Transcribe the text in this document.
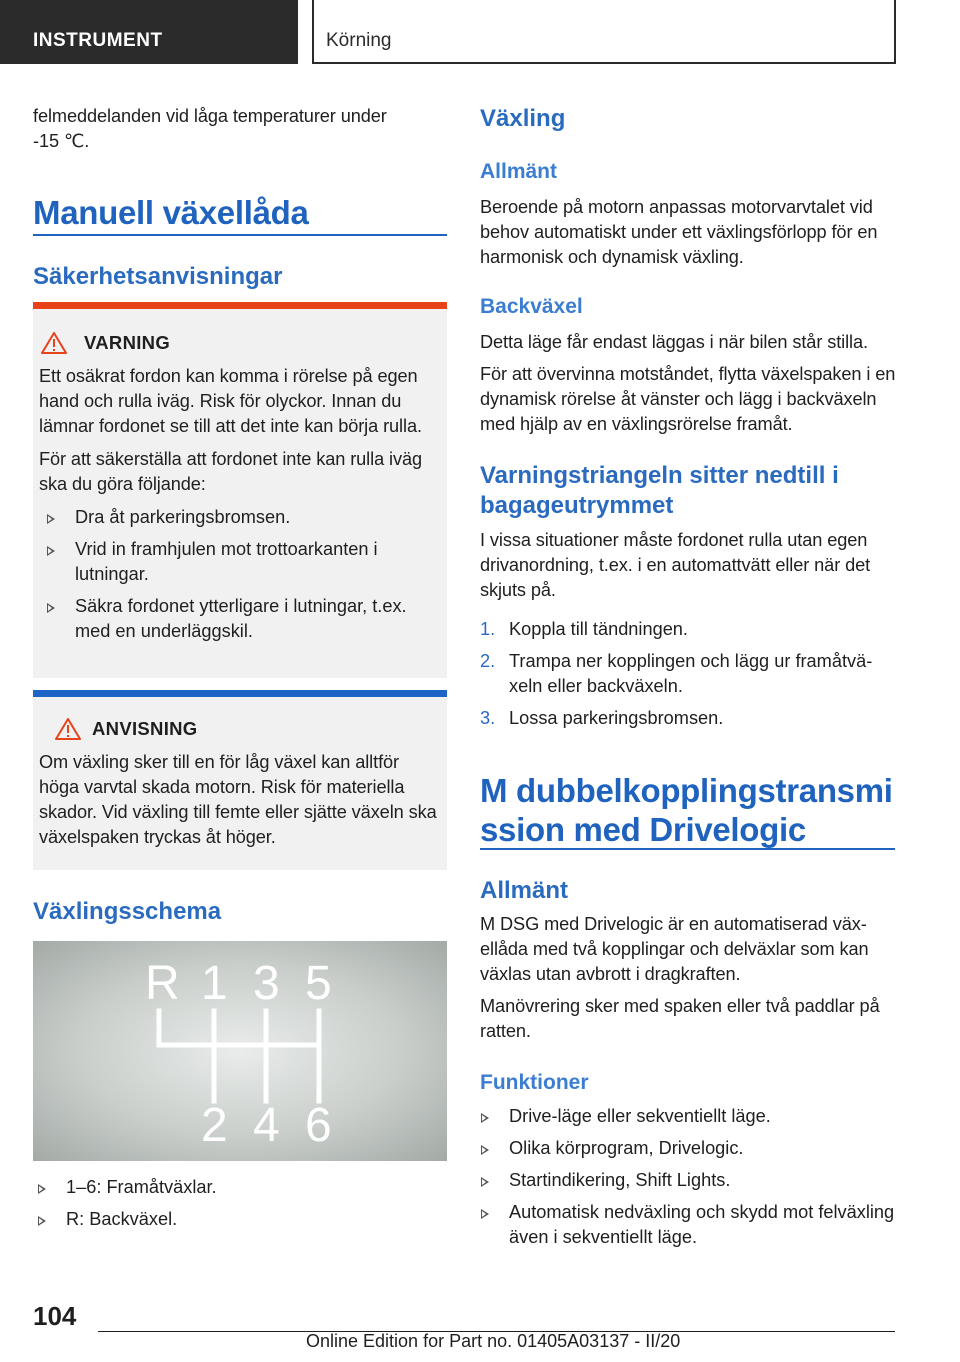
INSTRUMENT	Körning

felmeddelanden vid låga temperaturer under
-15 ℃.

Manuell växellåda
Säkerhetsanvisningar
VARNING

Ett osäkrat fordon kan komma i rörelse på egen hand och rulla iväg. Risk för olyckor. Innan du lämnar fordonet se till att det inte kan börja rulla.

För att säkerställa att fordonet inte kan rulla iväg ska du göra följande:

Dra åt parkeringsbromsen.
Vrid in framhjulen mot trottoarkanten i lutningar.
Säkra fordonet ytterligare i lutningar, t.ex. med en underläggskil.
ANVISNING

Om växling sker till en för låg växel kan alltför höga varvtal skada motorn. Risk för materiella skador. Vid växling till femte eller sjätte växeln ska växelspaken tryckas åt höger.

Växlingsschema
R 1 3 5
2 4 6
1–6: Framåtväxlar.
R: Backväxel.
Växling
Allmänt

Beroende på motorn anpassas motorvarvtalet vid behov automatiskt under ett växlingsförlopp för en harmonisk och dynamisk växling.

Backväxel

Detta läge får endast läggas i när bilen står stilla.

För att övervinna motståndet, flytta växelspaken i en dynamisk rörelse åt vänster och lägg i backväxeln med hjälp av en växlingsrörelse framåt.

Varningstriangeln sitter nedtill i bagageutrymmet

I vissa situationer måste fordonet rulla utan egen drivanordning, t.ex. i en automattvätt eller när det skjuts på.

1. Koppla till tändningen.
2. Trampa ner kopplingen och lägg ur framåtväxeln eller backväxeln.
3. Lossa parkeringsbromsen.
M dubbelkopplingstransmi ssion med Drivelogic
Allmänt

M DSG med Drivelogic är en automatiserad växellåda med två kopplingar och delväxlar som kan växlas utan avbrott i dragkraften.

Manövrering sker med spaken eller två paddlar på ratten.

Funktioner
Drive-läge eller sekventiellt läge.
Olika körprogram, Drivelogic.
Startindikering, Shift Lights.
Automatisk nedväxling och skydd mot felväxling även i sekventiellt läge.
104
Online Edition for Part no. 01405A03137 - II/20
